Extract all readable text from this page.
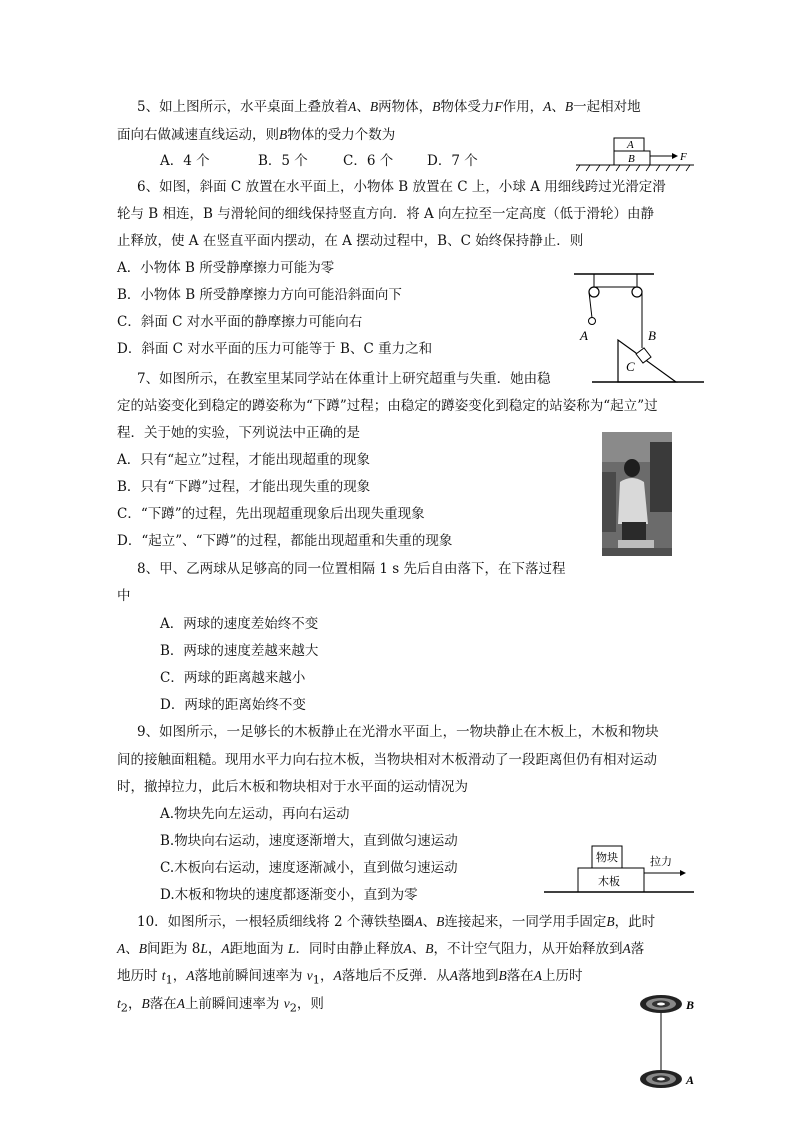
5、如上图所示，水平桌面上叠放着A、B两物体，B物体受力F作用，A、B一起相对地
面向右做减速直线运动，则B物体的受力个数为
A．4 个	B．5 个	C．6 个	D．7 个
A
B	F
6、如图，斜面 C 放置在水平面上，小物体 B 放置在 C 上，小球 A 用细线跨过光滑定滑
轮与 B 相连，B 与滑轮间的细线保持竖直方向．将 A 向左拉至一定高度（低于滑轮）由静
止释放，使 A 在竖直平面内摆动，在 A 摆动过程中，B、C 始终保持静止．则
A．小物体 B 所受静摩擦力可能为零
B．小物体 B 所受静摩擦力方向可能沿斜面向下
C．斜面 C 对水平面的静摩擦力可能向右
D．斜面 C 对水平面的压力可能等于 B、C 重力之和
A	B
C
7、如图所示，在教室里某同学站在体重计上研究超重与失重．她由稳
定的站姿变化到稳定的蹲姿称为“下蹲”过程；由稳定的蹲姿变化到稳定的站姿称为“起立”过
程．关于她的实验，下列说法中正确的是
A．只有“起立”过程，才能出现超重的现象
B．只有“下蹲”过程，才能出现失重的现象
C．“下蹲”的过程，先出现超重现象后出现失重现象
D．“起立”、“下蹲”的过程，都能出现超重和失重的现象
8、甲、乙两球从足够高的同一位置相隔 1 s 先后自由落下，在下落过程
中
A．两球的速度差始终不变
B．两球的速度差越来越大
C．两球的距离越来越小
D．两球的距离始终不变
9、如图所示，一足够长的木板静止在光滑水平面上，一物块静止在木板上，木板和物块
间的接触面粗糙。现用水平力向右拉木板，当物块相对木板滑动了一段距离但仍有相对运动
时，撤掉拉力，此后木板和物块相对于水平面的运动情况为
A.物块先向左运动，再向右运动
B.物块向右运动，速度逐渐增大，直到做匀速运动
C.木板向右运动，速度逐渐减小，直到做匀速运动
D.木板和物块的速度都逐渐变小，直到为零
物块
木板
拉力
10．如图所示，一根轻质细线将 2 个薄铁垫圈A、B连接起来，一同学用手固定B，此时
A、B间距为 8L，A距地面为 L．同时由静止释放A、B，不计空气阻力，从开始释放到A落
地历时 $t_1$，A落地前瞬间速率为 $v_1$，A落地后不反弹．从A落地到B落在A上历时
$t_2$，B落在A上前瞬间速率为 $v_2$，则	B
A
